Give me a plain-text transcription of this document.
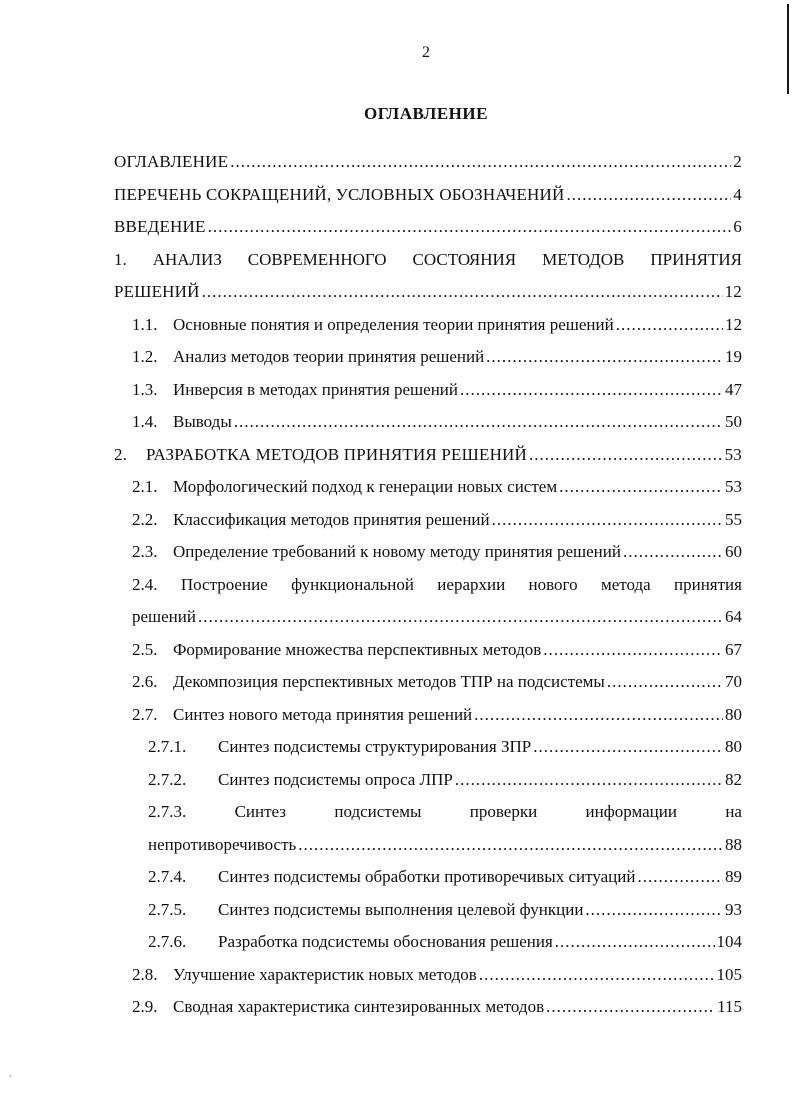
2
ОГЛАВЛЕНИЕ
ОГЛАВЛЕНИЕ .....	2
ПЕРЕЧЕНЬ СОКРАЩЕНИЙ, УСЛОВНЫХ ОБОЗНАЧЕНИЙ .....	4
ВВЕДЕНИЕ .....	6
1. АНАЛИЗ СОВРЕМЕННОГО СОСТОЯНИЯ МЕТОДОВ ПРИНЯТИЯ
РЕШЕНИЙ .....	12
1.1. Основные понятия и определения теории принятия решений .....	12
1.2. Анализ методов теории принятия решений .....	19
1.3. Инверсия в методах принятия решений .....	47
1.4. Выводы .....	50
2.	РАЗРАБОТКА МЕТОДОВ ПРИНЯТИЯ РЕШЕНИЙ .....	53
2.1. Морфологический подход к генерации новых систем .....	53
2.2. Классификация методов принятия решений .....	55
2.3. Определение требований к новому методу принятия решений .....	60
2.4. Построение функциональной иерархии нового метода принятия
решений .....	64
2.5. Формирование множества перспективных методов .....	67
2.6. Декомпозиция перспективных методов ТПР на подсистемы .....	70
2.7. Синтез нового метода принятия решений .....	80
2.7.1.	Синтез подсистемы структурирования ЗПР .....	80
2.7.2.	Синтез подсистемы опроса ЛПР .....	82
2.7.3.	Синтез	подсистемы	проверки	информации	на
непротиворечивость .....	88
2.7.4.	Синтез подсистемы обработки противоречивых ситуаций .....	89
2.7.5.	Синтез подсистемы выполнения целевой функции .....	93
2.7.6.	Разработка подсистемы обоснования решения .....	104
2.8. Улучшение характеристик новых методов .....	105
2.9. Сводная характеристика синтезированных методов .....	115
ˋ
